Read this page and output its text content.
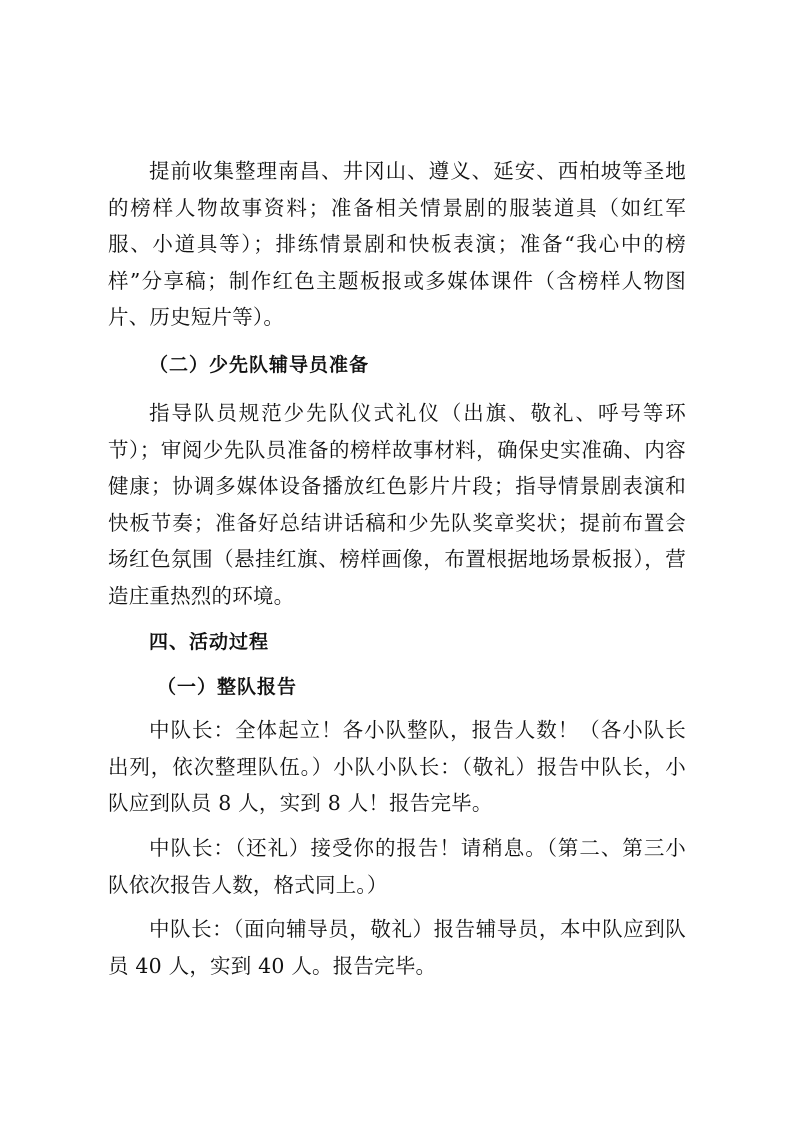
提前收集整理南昌、井冈山、遵义、延安、西柏坡等圣地的榜样人物故事资料；准备相关情景剧的服装道具（如红军服、小道具等）；排练情景剧和快板表演；准备“我心中的榜样”分享稿；制作红色主题板报或多媒体课件（含榜样人物图片、历史短片等）。

（二）少先队辅导员准备

指导队员规范少先队仪式礼仪（出旗、敬礼、呼号等环节）；审阅少先队员准备的榜样故事材料，确保史实准确、内容健康；协调多媒体设备播放红色影片片段；指导情景剧表演和快板节奏；准备好总结讲话稿和少先队奖章奖状；提前布置会场红色氛围（悬挂红旗、榜样画像，布置根据地场景板报），营造庄重热烈的环境。

四、活动过程
（一）整队报告

中队长：全体起立！各小队整队，报告人数！（各小队长出列，依次整理队伍。）小队小队长：（敬礼）报告中队长，小队应到队员 8 人，实到 8 人！报告完毕。

中队长：（还礼）接受你的报告！请稍息。（第二、第三小队依次报告人数，格式同上。）

中队长：（面向辅导员，敬礼）报告辅导员，本中队应到队员 40 人，实到 40 人。报告完毕。
